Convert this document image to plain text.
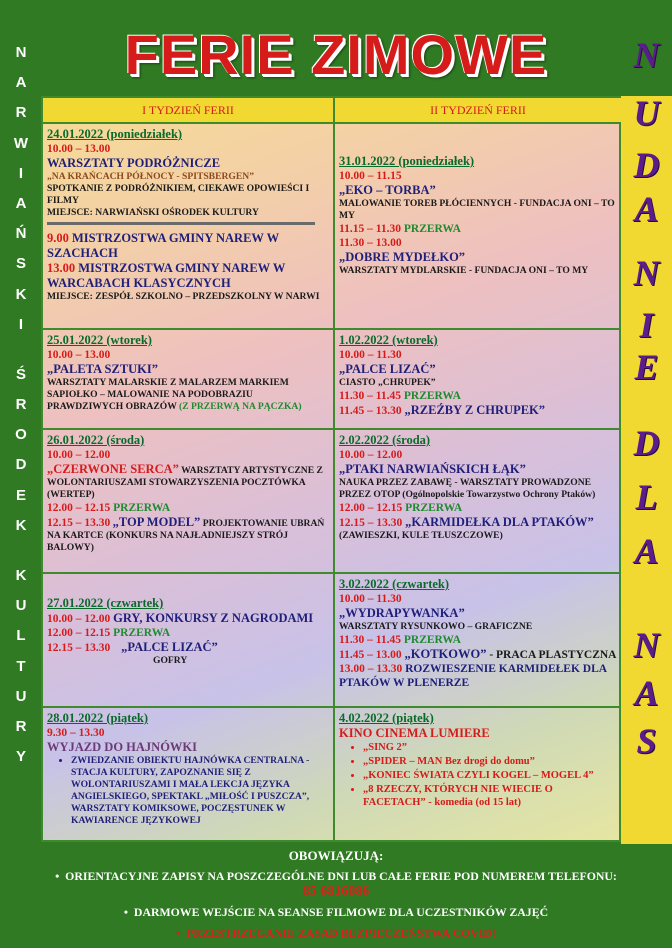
FERIE ZIMOWE
N
A
R
W
I
A
Ń
S
K
I
Ś
R
O
D
E
K
K
U
L
T
U
R
Y
N
U
D
A
N
I
E
D
L
A
N
A
S
I TYDZIEŃ FERII	II TYDZIEŃ FERII
24.01.2022 (poniedziałek)
10.00 – 13.00
WARSZTATY PODRÓŻNICZE
„NA KRAŃCACH PÓŁNOCY - SPITSBERGEN”
SPOTKANIE Z PODRÓŻNIKIEM, CIEKAWE OPOWIEŚCI I FILMY
MIEJSCE: NARWIAŃSKI OŚRODEK KULTURY
9.00 MISTRZOSTWA GMINY NAREW W SZACHACH
13.00 MISTRZOSTWA GMINY NAREW W WARCABACH KLASYCZNYCH
MIEJSCE: ZESPÓŁ SZKOLNO – PRZEDSZKOLNY W NARWI
25.01.2022 (wtorek)
10.00 – 13.00
„PALETA SZTUKI”
WARSZTATY MALARSKIE Z MALARZEM MARKIEM SAPIOŁKO – MALOWANIE NA PODOBRAZIU PRAWDZIWYCH OBRAZÓW (Z PRZERWĄ NA PĄCZKA)
26.01.2022 (środa)
10.00 – 12.00
„CZERWONE SERCA” WARSZTATY ARTYSTYCZNE Z WOLONTARIUSZAMI STOWARZYSZENIA POCZTÓWKA (WERTEP)
12.00 – 12.15 PRZERWA
12.15 – 13.30 „TOP MODEL” PROJEKTOWANIE UBRAŃ NA KARTCE (KONKURS NA NAJŁADNIEJSZY STRÓJ BALOWY)
27.01.2022 (czwartek)
10.00 – 12.00 GRY, KONKURSY Z NAGRODAMI
12.00 – 12.15 PRZERWA
12.15 – 13.30 „PALCE LIZAĆ”
GOFRY
28.01.2022 (piątek)
9.30 – 13.30
WYJAZD DO HAJNÓWKI
• ZWIEDZANIE OBIEKTU HAJNÓWKA CENTRALNA - STACJA KULTURY, ZAPOZNANIE SIĘ Z WOLONTARIUSZAMI I MAŁA LEKCJA JĘZYKA ANGIELSKIEGO, SPEKTAKL „MIŁOŚĆ I PUSZCZA”, WARSZTATY KOMIKSOWE, POCZĘSTUNEK W KAWIARENCE JĘZYKOWEJ
31.01.2022 (poniedziałek)
10.00 – 11.15
„EKO – TORBA”
MALOWANIE TOREB PŁÓCIENNYCH - FUNDACJA ONI – TO MY
11.15 – 11.30 PRZERWA
11.30 – 13.00
„DOBRE MYDEŁKO”
WARSZTATY MYDLARSKIE - FUNDACJA ONI – TO MY
1.02.2022 (wtorek)
10.00 – 11.30
„PALCE LIZAĆ”
CIASTO „CHRUPEK”
11.30 – 11.45 PRZERWA
11.45 – 13.30 „RZEŹBY Z CHRUPEK”
2.02.2022 (środa)
10.00 – 12.00
„PTAKI NARWIAŃSKICH ŁĄK”
NAUKA PRZEZ ZABAWĘ - WARSZTATY PROWADZONE PRZEZ OTOP (Ogólnopolskie Towarzystwo Ochrony Ptaków)
12.00 – 12.15 PRZERWA
12.15 – 13.30 „KARMIDEŁKA DLA PTAKÓW”
(ZAWIESZKI, KULE TŁUSZCZOWE)
3.02.2022 (czwartek)
10.00 – 11.30
„WYDRAPYWANKA”
WARSZTATY RYSUNKOWO – GRAFICZNE
11.30 – 11.45 PRZERWA
11.45 – 13.00 „KOTKOWO” - PRACA PLASTYCZNA
13.00 – 13.30 ROZWIESZENIE KARMIDEŁEK DLA PTAKÓW W PLENERZE
4.02.2022 (piątek)
KINO CINEMA LUMIERE
• „SING 2”
• „SPIDER – MAN Bez drogi do domu”
• „KONIEC ŚWIATA CZYLI KOGEL – MOGEL 4”
• „8 RZECZY, KTÓRYCH NIE WIECIE O FACETACH” - komedia (od 15 lat)
OBOWIĄZUJĄ:
•  ORIENTACYJNE ZAPISY NA POSZCZEGÓLNE DNI LUB CAŁE FERIE POD NUMEREM TELEFONU:
85 6816086
•  DARMOWE WEJŚCIE NA SEANSE FILMOWE DLA UCZESTNIKÓW ZAJĘĆ
•  PRZESTRZEGANIE ZASAD BEZPIECZEŃSTWA COVID!
